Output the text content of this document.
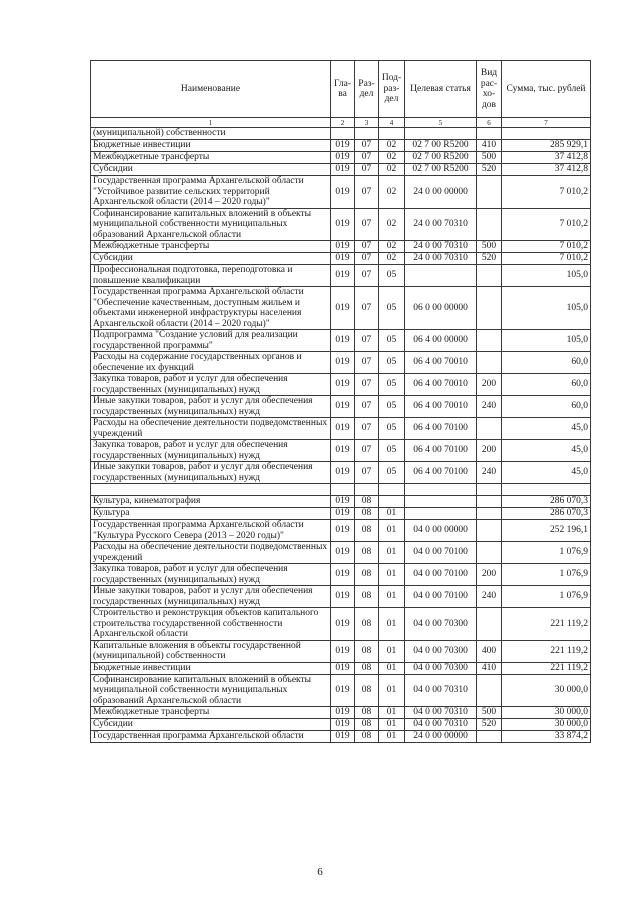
Наименование	Гла-ва	Раз-дел	Под-раз-дел	Целевая статья	Вид рас-хо-дов	Сумма, тыс. рублей
1	2	3	4	5	6	7
(муниципальной) собственности						
Бюджетные инвестиции	019	07	02	02 7 00 R5200	410	285 929,1
Межбюджетные трансферты	019	07	02	02 7 00 R5200	500	37 412,8
Субсидии	019	07	02	02 7 00 R5200	520	37 412,8
Государственная программа Архангельской области "Устойчивое развитие сельских территорий Архангельской области (2014 – 2020 годы)"	019	07	02	24 0 00 00000		7 010,2
Софинансирование капитальных вложений в объекты муниципальной собственности муниципальных образований Архангельской области	019	07	02	24 0 00 70310		7 010,2
Межбюджетные трансферты	019	07	02	24 0 00 70310	500	7 010,2
Субсидии	019	07	02	24 0 00 70310	520	7 010,2
Профессиональная подготовка, переподготовка и повышение квалификации	019	07	05			105,0
Государственная программа Архангельской области "Обеспечение качественным, доступным жильем и объектами инженерной инфраструктуры населения Архангельской области (2014 – 2020 годы)"	019	07	05	06 0 00 00000		105,0
Подпрограмма "Создание условий для реализации государственной программы"	019	07	05	06 4 00 00000		105,0
Расходы на содержание государственных органов и обеспечение их функций	019	07	05	06 4 00 70010		60,0
Закупка товаров, работ и услуг для обеспечения государственных (муниципальных) нужд	019	07	05	06 4 00 70010	200	60,0
Иные закупки товаров, работ и услуг для обеспечения государственных (муниципальных) нужд	019	07	05	06 4 00 70010	240	60,0
Расходы на обеспечение деятельности подведомственных учреждений	019	07	05	06 4 00 70100		45,0
Закупка товаров, работ и услуг для обеспечения государственных (муниципальных) нужд	019	07	05	06 4 00 70100	200	45,0
Иные закупки товаров, работ и услуг для обеспечения государственных (муниципальных) нужд	019	07	05	06 4 00 70100	240	45,0

Культура, кинематография	019	08				286 070,3
Культура	019	08	01			286 070,3
Государственная программа Архангельской области "Культура Русского Севера (2013 – 2020 годы)"	019	08	01	04 0 00 00000		252 196,1
Расходы на обеспечение деятельности подведомственных учреждений	019	08	01	04 0 00 70100		1 076,9
Закупка товаров, работ и услуг для обеспечения государственных (муниципальных) нужд	019	08	01	04 0 00 70100	200	1 076,9
Иные закупки товаров, работ и услуг для обеспечения государственных (муниципальных) нужд	019	08	01	04 0 00 70100	240	1 076,9
Строительство и реконструкция объектов капитального строительства государственной собственности Архангельской области	019	08	01	04 0 00 70300		221 119,2
Капитальные вложения в объекты государственной (муниципальной) собственности	019	08	01	04 0 00 70300	400	221 119,2
Бюджетные инвестиции	019	08	01	04 0 00 70300	410	221 119,2
Софинансирование капитальных вложений в объекты муниципальной собственности муниципальных образований Архангельской области	019	08	01	04 0 00 70310		30 000,0
Межбюджетные трансферты	019	08	01	04 0 00 70310	500	30 000,0
Субсидии	019	08	01	04 0 00 70310	520	30 000,0
Государственная программа Архангельской области	019	08	01	24 0 00 00000		33 874,2
6
